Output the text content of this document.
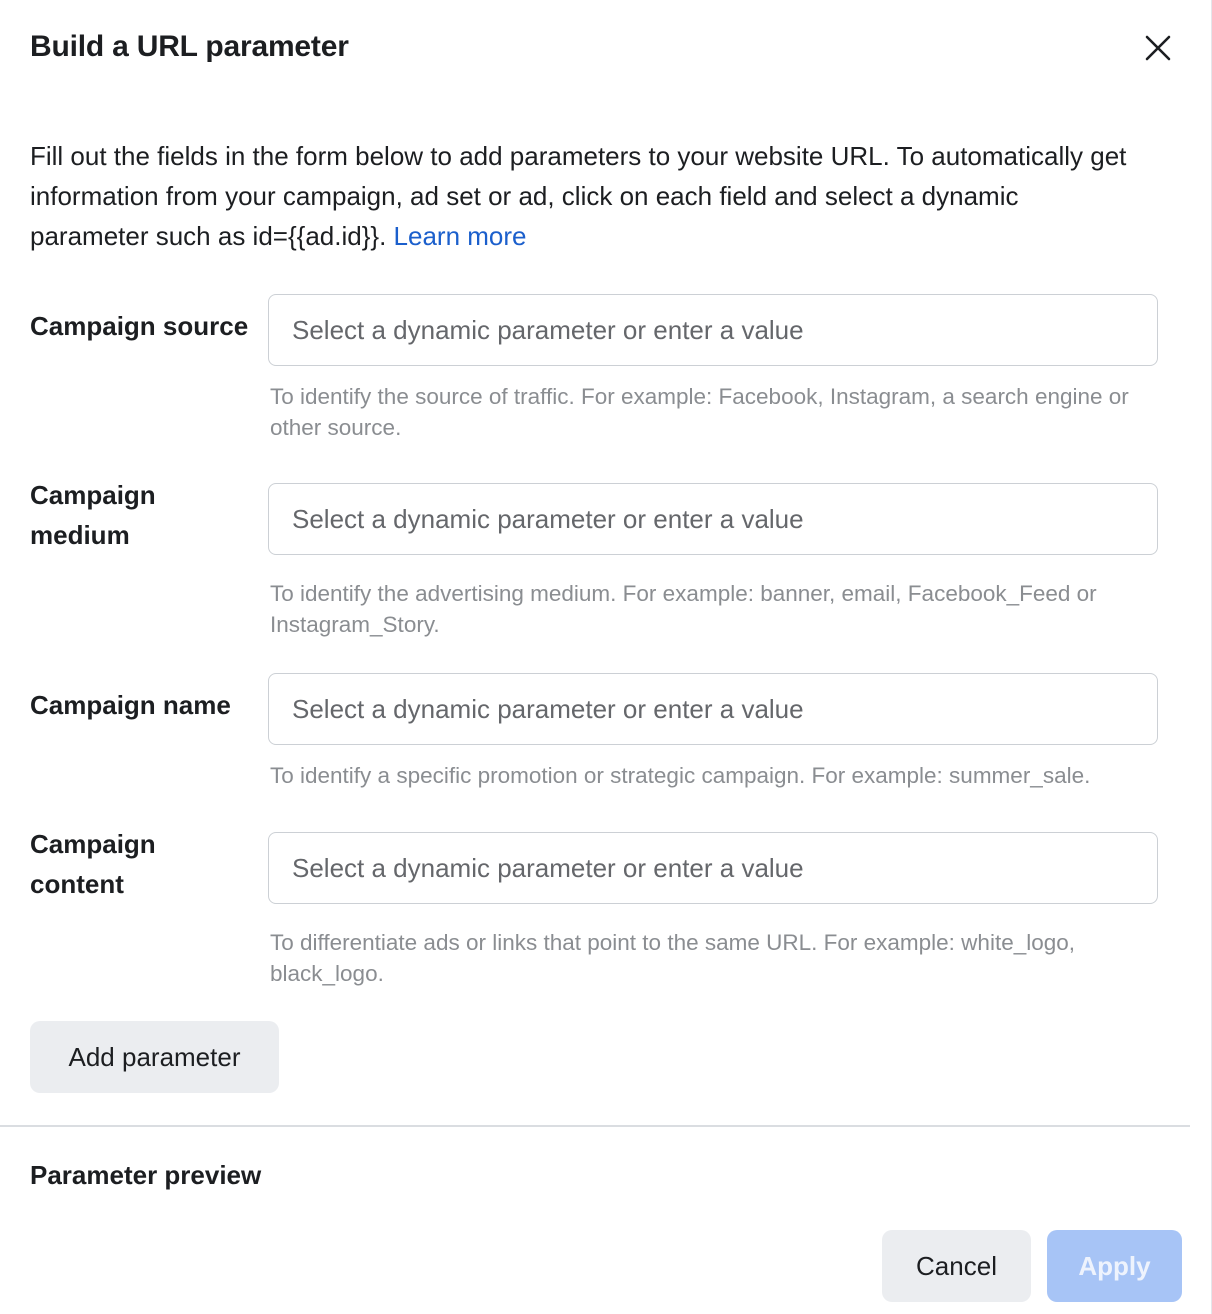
Build a URL parameter

Fill out the fields in the form below to add parameters to your website URL. To automatically get information from your campaign, ad set or ad, click on each field and select a dynamic parameter such as id={{ad.id}}. Learn more

Campaign source
Select a dynamic parameter or enter a value
To identify the source of traffic. For example: Facebook, Instagram, a search engine or other source.
Campaign medium
Select a dynamic parameter or enter a value
To identify the advertising medium. For example: banner, email, Facebook_Feed or Instagram_Story.
Campaign name
Select a dynamic parameter or enter a value
To identify a specific promotion or strategic campaign. For example: summer_sale.
Campaign content
Select a dynamic parameter or enter a value
To differentiate ads or links that point to the same URL. For example: white_logo, black_logo.
Add parameter
Parameter preview
Cancel	Apply
